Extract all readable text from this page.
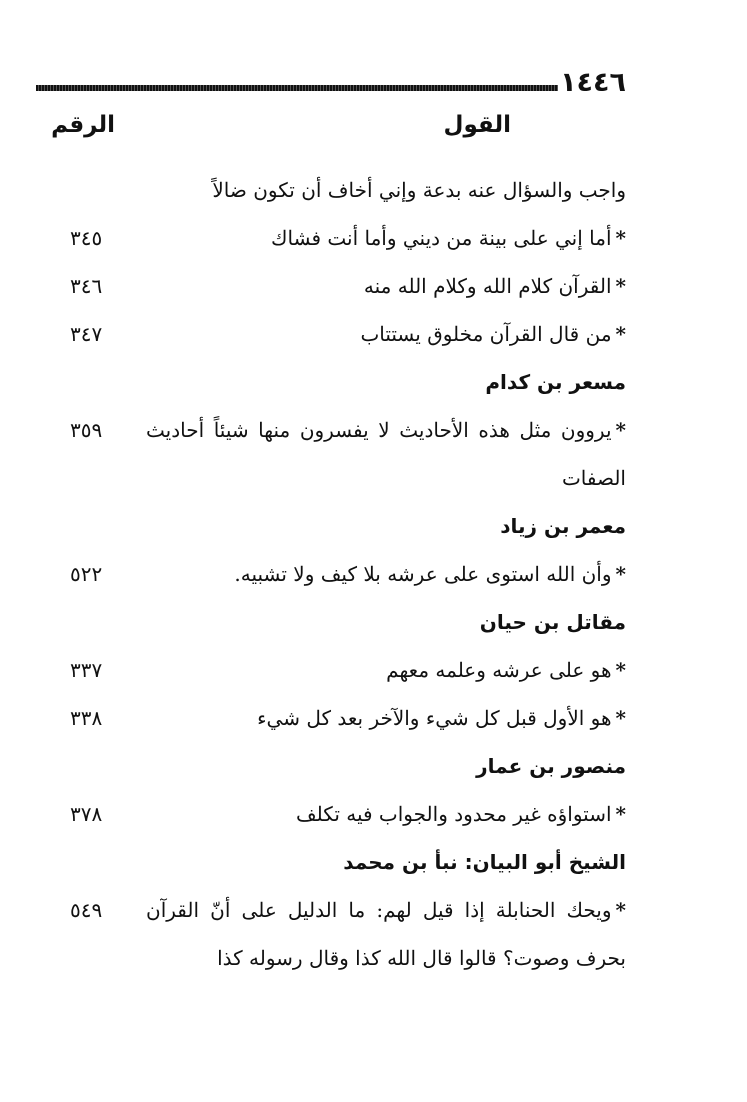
١٤٤٦
القول
الرقم
واجب والسؤال عنه بدعة وإني أخاف أن تكون ضالاً
*أما إني على بينة من ديني وأما أنت فشاك
٣٤٥
*القرآن كلام الله وكلام الله منه
٣٤٦
*من قال القرآن مخلوق يستتاب
٣٤٧
مسعر بن كدام
*يروون مثل هذه الأحاديث لا يفسرون منها شيئاً أحاديث الصفات
٣٥٩
معمر بن زياد
*وأن الله استوى على عرشه بلا كيف ولا تشبيه.
٥٢٢
مقاتل بن حيان
*هو على عرشه وعلمه معهم
٣٣٧
*هو الأول قبل كل شيء والآخر بعد كل شيء
٣٣٨
منصور بن عمار
*استواؤه غير محدود والجواب فيه تكلف
٣٧٨
الشيخ أبو البيان: نبأ بن محمد
*ويحك الحنابلة إذا قيل لهم: ما الدليل على أنّ القرآن بحرف وصوت؟ قالوا قال الله كذا وقال رسوله كذا
٥٤٩
